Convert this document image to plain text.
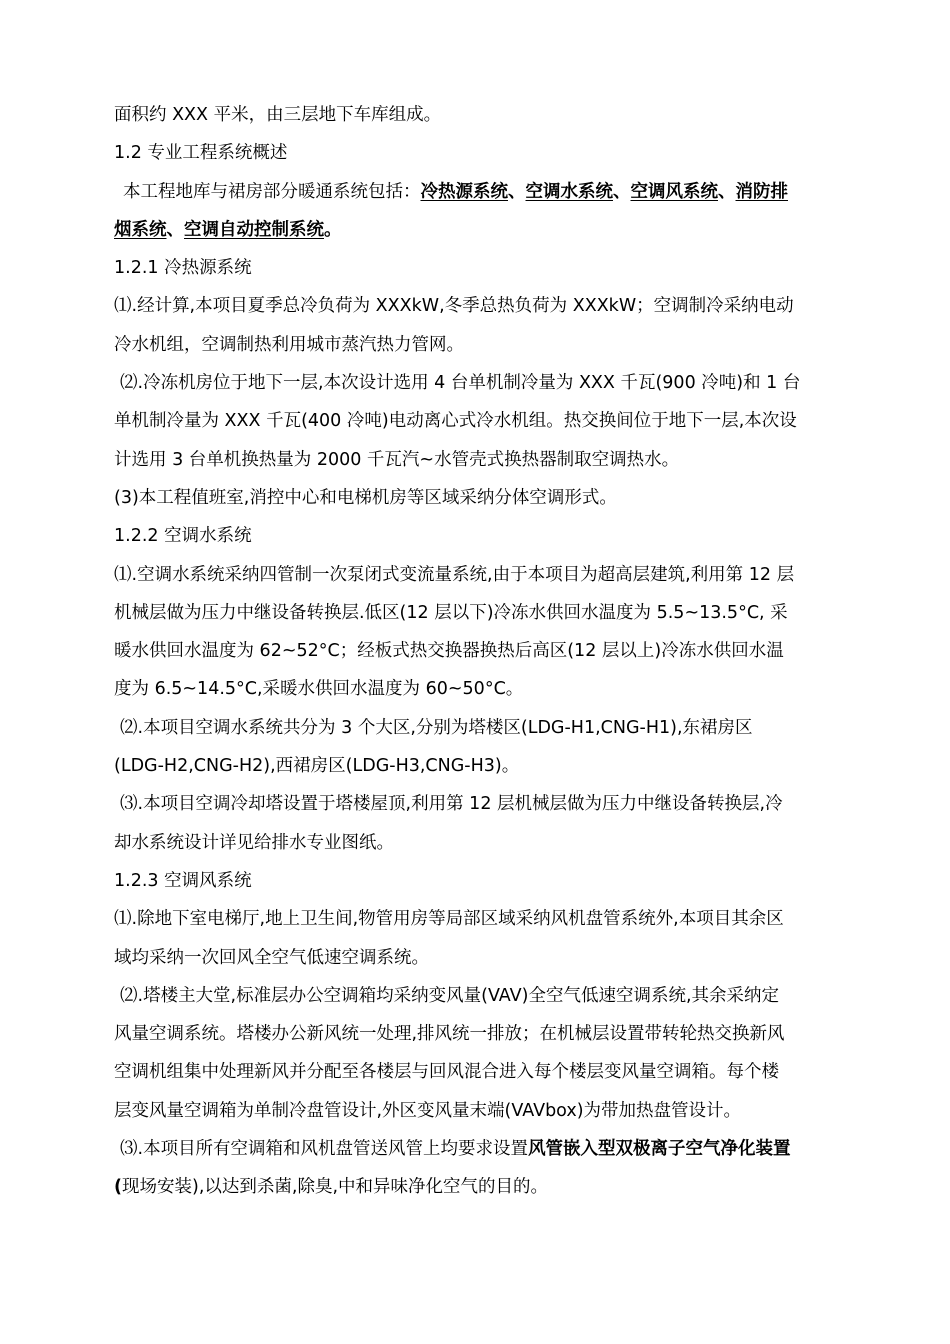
面积约 XXX 平米，由三层地下车库组成。
1.2 专业工程系统概述
本工程地库与裙房部分暖通系统包括：冷热源系统、空调水系统、空调风系统、消防排
烟系统、空调自动控制系统。
1.2.1 冷热源系统
⑴.经计算,本项目夏季总冷负荷为 XXXkW,冬季总热负荷为 XXXkW；空调制冷采纳电动
冷水机组，空调制热利用城市蒸汽热力管网。
⑵.冷冻机房位于地下一层,本次设计选用 4 台单机制冷量为 XXX 千瓦(900 冷吨)和 1 台
单机制冷量为 XXX 千瓦(400 冷吨)电动离心式冷水机组。热交换间位于地下一层,本次设
计选用 3 台单机换热量为 2000 千瓦汽~水管壳式换热器制取空调热水。
(3)本工程值班室,消控中心和电梯机房等区域采纳分体空调形式。
1.2.2 空调水系统
⑴.空调水系统采纳四管制一次泵闭式变流量系统,由于本项目为超高层建筑,利用第 12 层
机械层做为压力中继设备转换层.低区(12 层以下)冷冻水供回水温度为 5.5~13.5°C, 采
暖水供回水温度为 62~52°C；经板式热交换器换热后高区(12 层以上)冷冻水供回水温
度为 6.5~14.5°C,采暖水供回水温度为 60~50°C。
⑵.本项目空调水系统共分为 3 个大区,分别为塔楼区(LDG-H1,CNG-H1),东裙房区
(LDG-H2,CNG-H2),西裙房区(LDG-H3,CNG-H3)。
⑶.本项目空调冷却塔设置于塔楼屋顶,利用第 12 层机械层做为压力中继设备转换层,冷
却水系统设计详见给排水专业图纸。
1.2.3 空调风系统
⑴.除地下室电梯厅,地上卫生间,物管用房等局部区域采纳风机盘管系统外,本项目其余区
域均采纳一次回风全空气低速空调系统。
⑵.塔楼主大堂,标准层办公空调箱均采纳变风量(VAV)全空气低速空调系统,其余采纳定
风量空调系统。塔楼办公新风统一处理,排风统一排放；在机械层设置带转轮热交换新风
空调机组集中处理新风并分配至各楼层与回风混合进入每个楼层变风量空调箱。每个楼
层变风量空调箱为单制冷盘管设计,外区变风量末端(VAVbox)为带加热盘管设计。
⑶.本项目所有空调箱和风机盘管送风管上均要求设置风管嵌入型双极离子空气净化装置
(现场安装),以达到杀菌,除臭,中和异味净化空气的目的。
